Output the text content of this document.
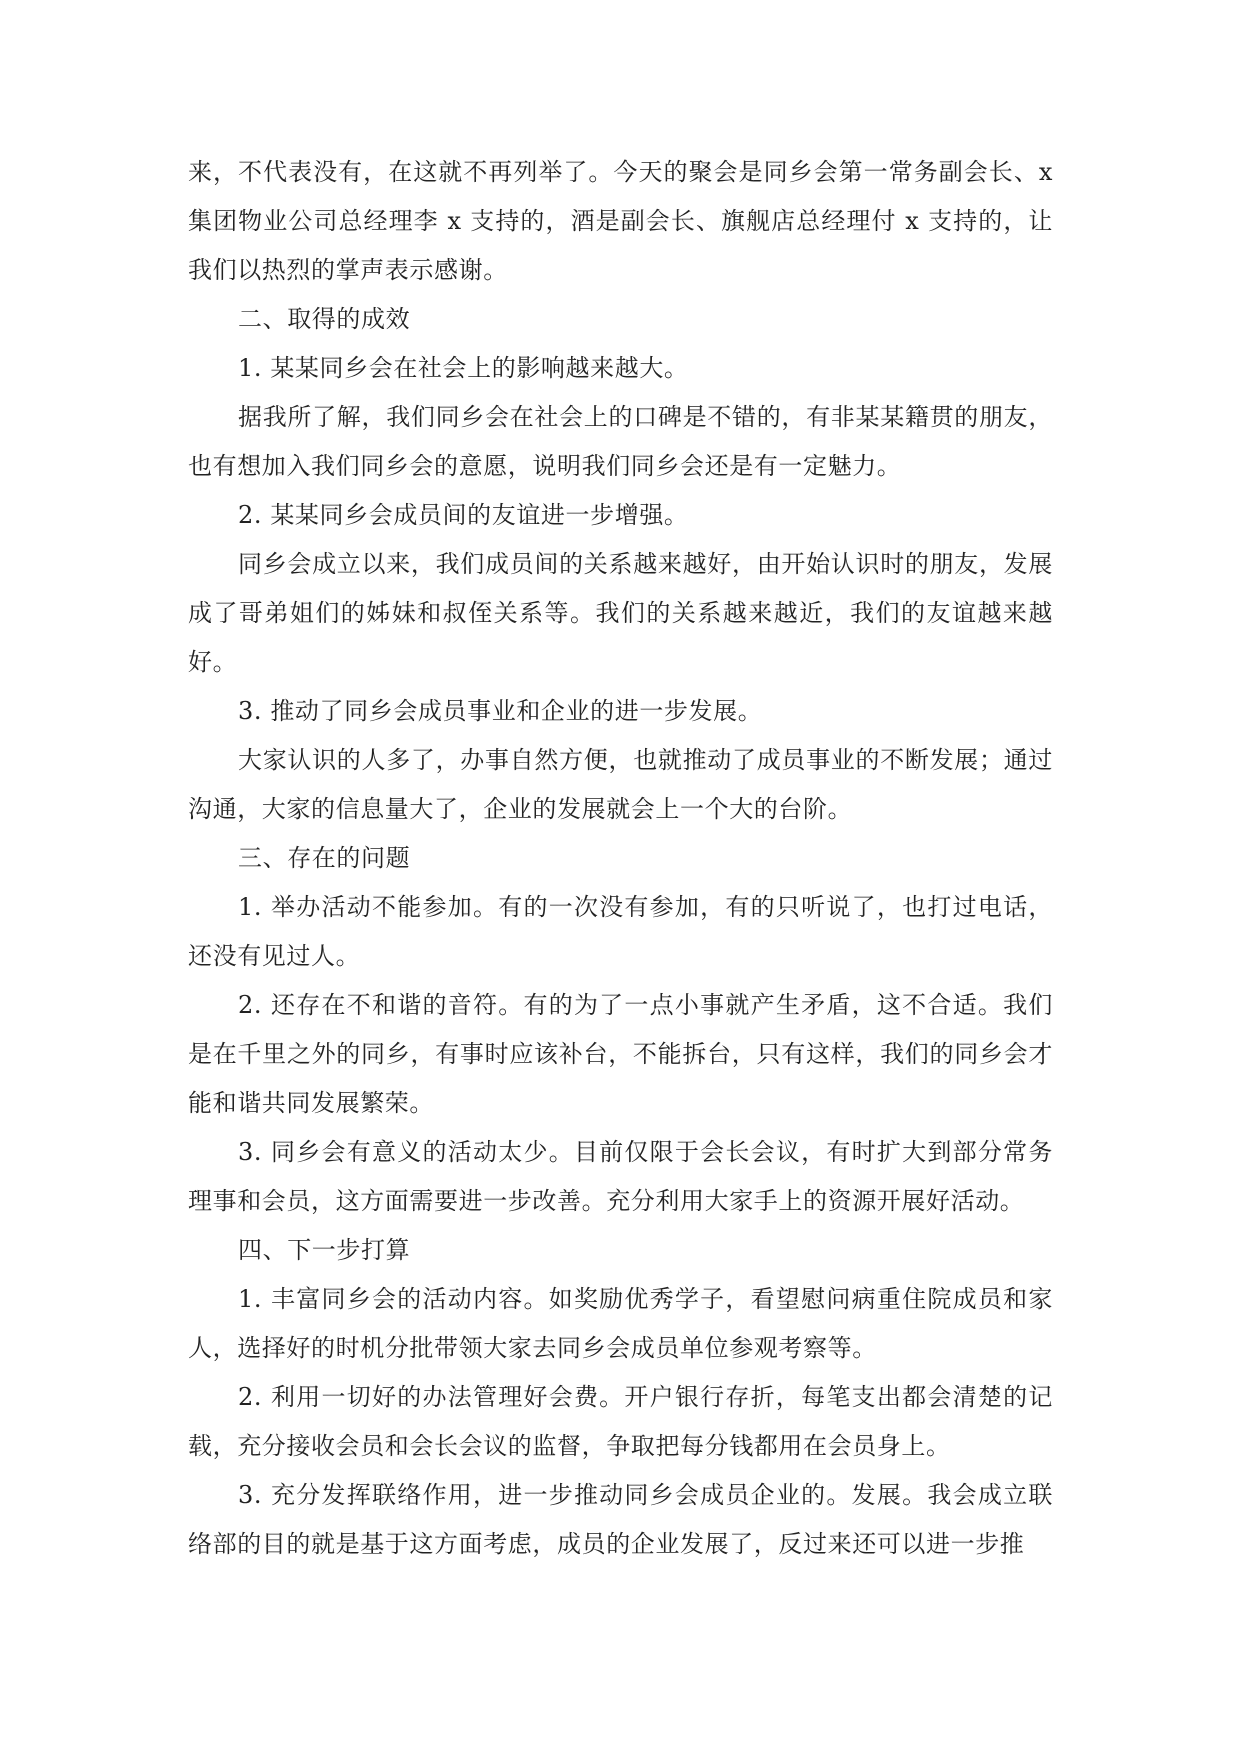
来，不代表没有，在这就不再列举了。今天的聚会是同乡会第一常务副会长、x集团物业公司总经理李 x 支持的，酒是副会长、旗舰店总经理付 x 支持的，让我们以热烈的掌声表示感谢。

二、取得的成效

1. 某某同乡会在社会上的影响越来越大。

据我所了解，我们同乡会在社会上的口碑是不错的，有非某某籍贯的朋友，也有想加入我们同乡会的意愿，说明我们同乡会还是有一定魅力。

2. 某某同乡会成员间的友谊进一步增强。

同乡会成立以来，我们成员间的关系越来越好，由开始认识时的朋友，发展成了哥弟姐们的姊妹和叔侄关系等。我们的关系越来越近，我们的友谊越来越好。

3. 推动了同乡会成员事业和企业的进一步发展。

大家认识的人多了，办事自然方便，也就推动了成员事业的不断发展；通过沟通，大家的信息量大了，企业的发展就会上一个大的台阶。

三、存在的问题

1. 举办活动不能参加。有的一次没有参加，有的只听说了，也打过电话，还没有见过人。

2. 还存在不和谐的音符。有的为了一点小事就产生矛盾，这不合适。我们是在千里之外的同乡，有事时应该补台，不能拆台，只有这样，我们的同乡会才能和谐共同发展繁荣。

3. 同乡会有意义的活动太少。目前仅限于会长会议，有时扩大到部分常务理事和会员，这方面需要进一步改善。充分利用大家手上的资源开展好活动。

四、下一步打算

1. 丰富同乡会的活动内容。如奖励优秀学子，看望慰问病重住院成员和家人，选择好的时机分批带领大家去同乡会成员单位参观考察等。

2. 利用一切好的办法管理好会费。开户银行存折，每笔支出都会清楚的记载，充分接收会员和会长会议的监督，争取把每分钱都用在会员身上。

3. 充分发挥联络作用，进一步推动同乡会成员企业的。发展。我会成立联络部的目的就是基于这方面考虑，成员的企业发展了，反过来还可以进一步推
